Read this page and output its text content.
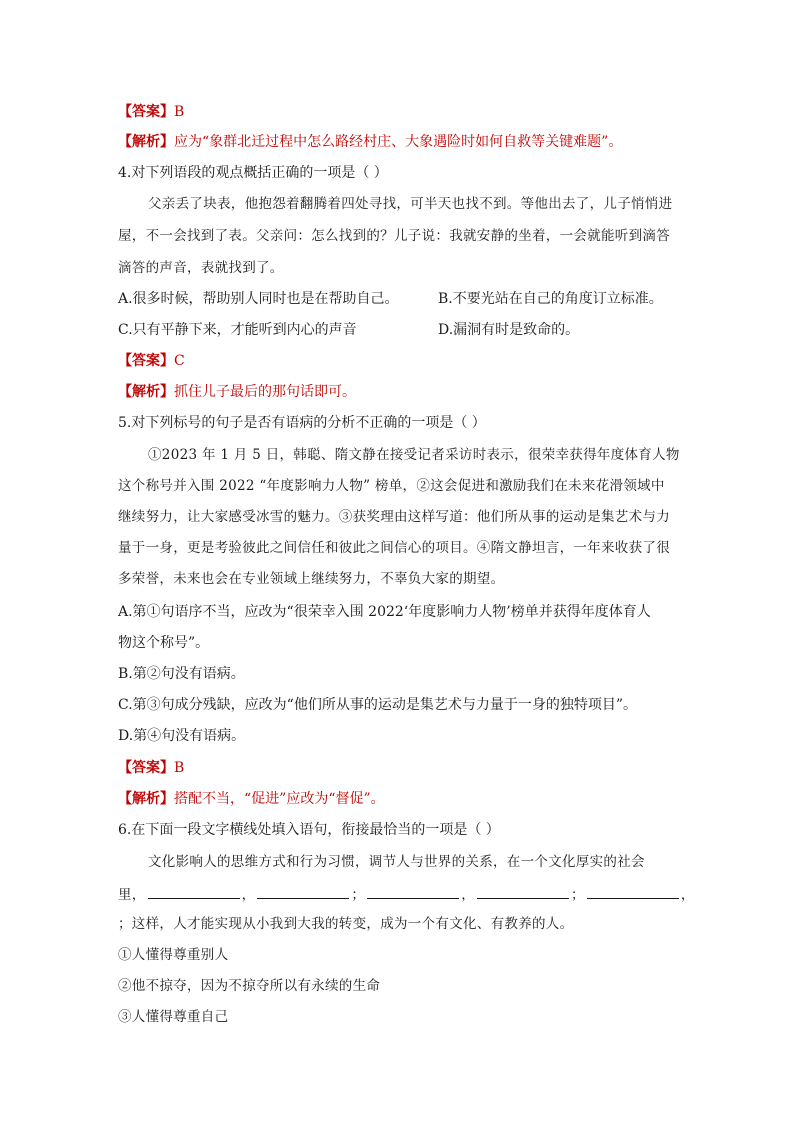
【答案】B
【解析】应为“象群北迁过程中怎么路经村庄、大象遇险时如何自救等关键难题”。
4.对下列语段的观点概括正确的一项是（ ）
父亲丢了块表，他抱怨着翻腾着四处寻找，可半天也找不到。等他出去了，儿子悄悄进
屋，不一会找到了表。父亲问：怎么找到的？儿子说：我就安静的坐着，一会就能听到滴答
滴答的声音，表就找到了。
A.很多时候，帮助别人同时也是在帮助自己。	B.不要光站在自己的角度订立标准。
C.只有平静下来，才能听到内心的声音	D.漏洞有时是致命的。
【答案】C
【解析】抓住儿子最后的那句话即可。
5.对下列标号的句子是否有语病的分析不正确的一项是（ ）
①2023 年 1 月 5 日，韩聪、隋文静在接受记者采访时表示，很荣幸获得年度体育人物
这个称号并入围 2022 “年度影响力人物” 榜单，②这会促进和激励我们在未来花滑领域中
继续努力，让大家感受冰雪的魅力。③获奖理由这样写道：他们所从事的运动是集艺术与力
量于一身，更是考验彼此之间信任和彼此之间信心的项目。④隋文静坦言，一年来收获了很
多荣誉，未来也会在专业领域上继续努力，不辜负大家的期望。
A.第①句语序不当，应改为“很荣幸入围 2022‘年度影响力人物’榜单并获得年度体育人
物这个称号”。
B.第②句没有语病。
C.第③句成分残缺，应改为“他们所从事的运动是集艺术与力量于一身的独特项目”。
D.第④句没有语病。
【答案】B
【解析】搭配不当，“促进”应改为“督促”。
6.在下面一段文字横线处填入语句，衔接最恰当的一项是（ ）
文化影响人的思维方式和行为习惯，调节人与世界的关系，在一个文化厚实的社会
里，	，	；	，	；	，
；这样，人才能实现从小我到大我的转变，成为一个有文化、有教养的人。
①人懂得尊重别人
②他不掠夺，因为不掠夺所以有永续的生命
③人懂得尊重自己
